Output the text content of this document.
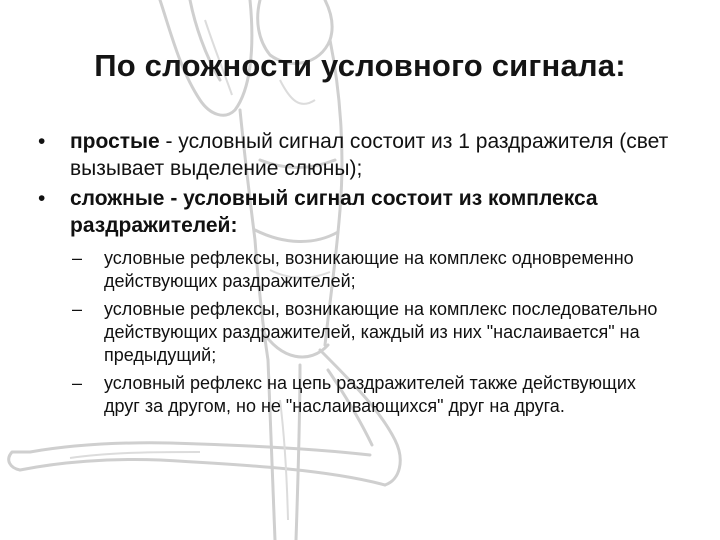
По сложности условного сигнала:
• простые - условный сигнал состоит из 1 раздражителя (свет вызывает выделение слюны);
• сложные - условный сигнал состоит из комплекса раздражителей:
– условные рефлексы, возникающие на комплекс одновременно действующих раздражителей;
– условные рефлексы, возникающие на комплекс последовательно действующих раздражителей, каждый из них "наслаивается" на предыдущий;
– условный рефлекс на цепь раздражителей также действующих друг за другом, но не "наслаивающихся" друг на друга.
